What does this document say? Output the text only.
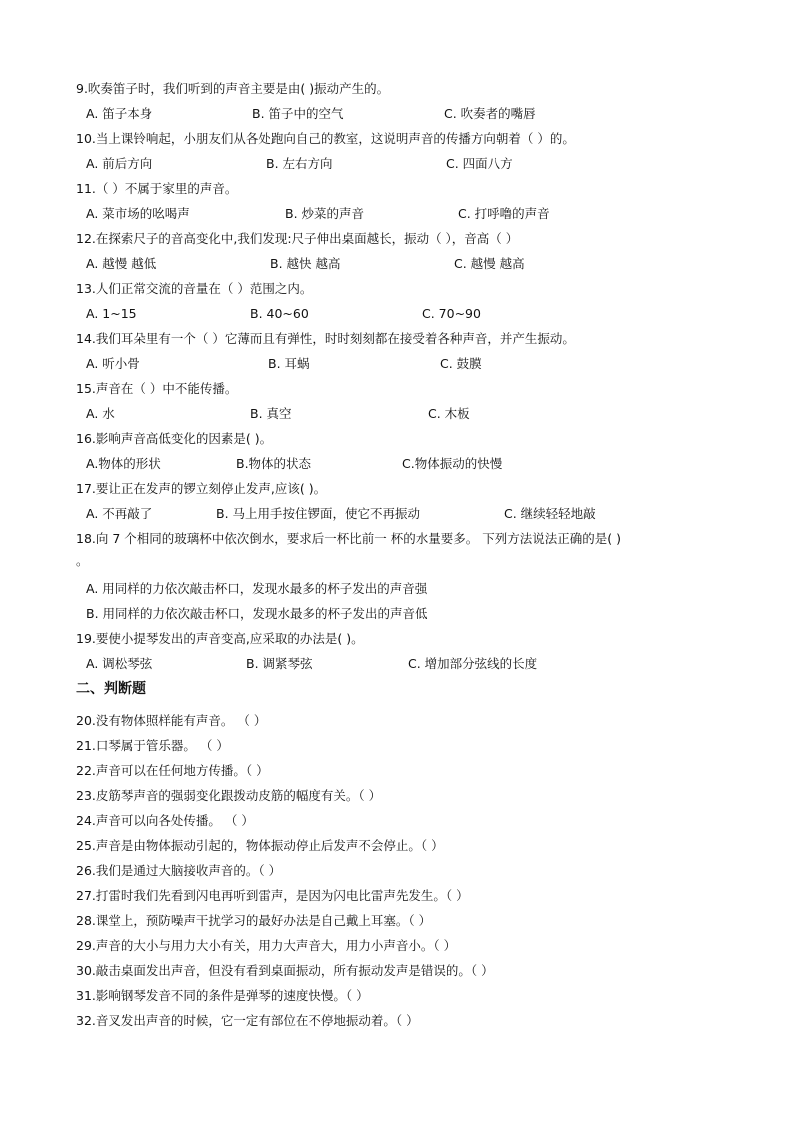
9.吹奏笛子时，我们听到的声音主要是由( )振动产生的。
A. 笛子本身	B. 笛子中的空气	C. 吹奏者的嘴唇
10.当上课铃响起，小朋友们从各处跑向自己的教室，这说明声音的传播方向朝着（ ）的。
A. 前后方向	B. 左右方向	C. 四面八方
11.（ ）不属于家里的声音。
A. 菜市场的吆喝声	B. 炒菜的声音	C. 打呼噜的声音
12.在探索尺子的音高变化中,我们发现:尺子伸出桌面越长，振动（ ），音高（ ）
A. 越慢 越低	B. 越快 越高	C. 越慢 越高
13.人们正常交流的音量在（ ）范围之内。
A. 1~15	B. 40~60	C. 70~90
14.我们耳朵里有一个（ ）它薄而且有弹性，时时刻刻都在接受着各种声音，并产生振动。
A. 听小骨	B. 耳蜗	C. 鼓膜
15.声音在（ ）中不能传播。
A. 水	B. 真空	C. 木板
16.影响声音高低变化的因素是( )。
A.物体的形状	B.物体的状态	C.物体振动的快慢
17.要让正在发声的锣立刻停止发声,应该( )。
A. 不再敲了	B. 马上用手按住锣面，使它不再振动	C. 继续轻轻地敲
18.向 7 个相同的玻璃杯中依次倒水，要求后一杯比前一 杯的水量要多。 下列方法说法正确的是( )
。
A. 用同样的力依次敲击杯口，发现水最多的杯子发出的声音强
B. 用同样的力依次敲击杯口，发现水最多的杯子发出的声音低
19.要使小提琴发出的声音变高,应采取的办法是( )。
A. 调松琴弦	B. 调紧琴弦	C. 增加部分弦线的长度
二、判断题
20.没有物体照样能有声音。 （ ）
21.口琴属于管乐器。 （ ）
22.声音可以在任何地方传播。（ ）
23.皮筋琴声音的强弱变化跟拨动皮筋的幅度有关。（ ）
24.声音可以向各处传播。 （ ）
25.声音是由物体振动引起的，物体振动停止后发声不会停止。（ ）
26.我们是通过大脑接收声音的。（ ）
27.打雷时我们先看到闪电再听到雷声，是因为闪电比雷声先发生。（ ）
28.课堂上，预防噪声干扰学习的最好办法是自己戴上耳塞。（ ）
29.声音的大小与用力大小有关，用力大声音大，用力小声音小。（ ）
30.敲击桌面发出声音，但没有看到桌面振动，所有振动发声是错误的。（ ）
31.影响钢琴发音不同的条件是弹琴的速度快慢。（ ）
32.音叉发出声音的时候，它一定有部位在不停地振动着。（ ）
